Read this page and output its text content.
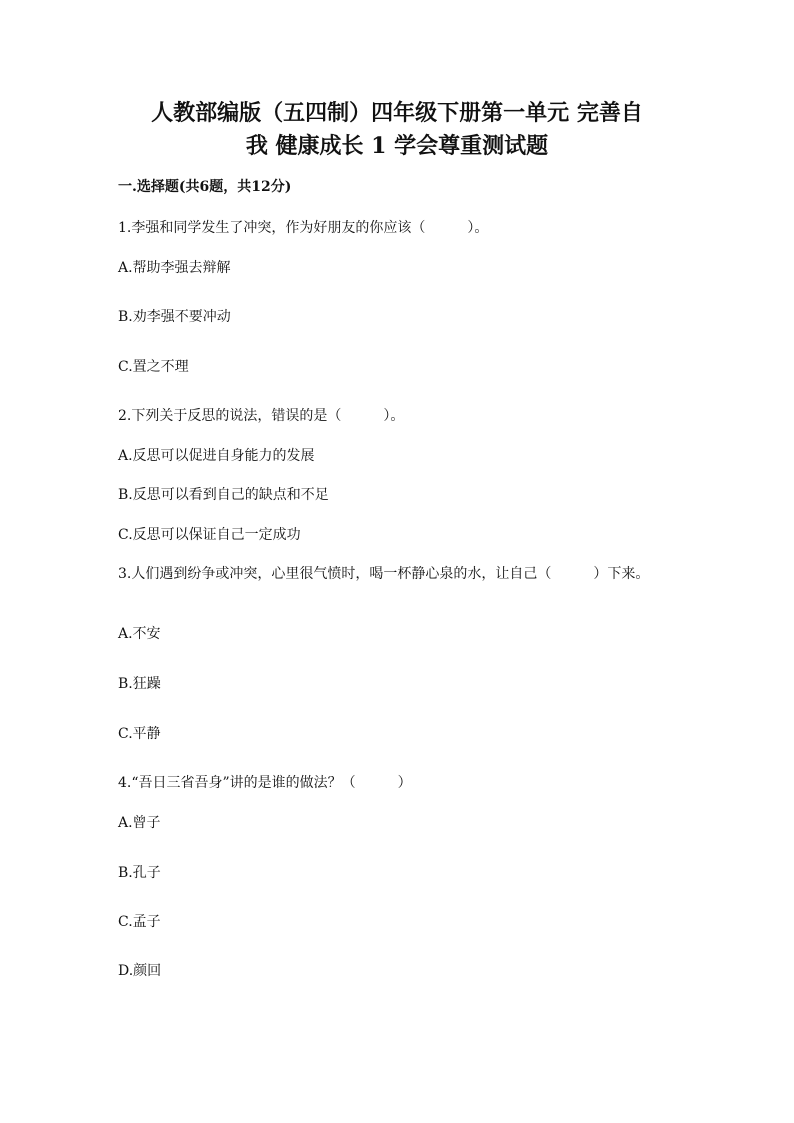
人教部编版（五四制）四年级下册第一单元 完善自
我 健康成长 1 学会尊重测试题

一.选择题(共6题，共12分)

1.李强和同学发生了冲突，作为好朋友的你应该（　　　）。

A.帮助李强去辩解

B.劝李强不要冲动

C.置之不理

2.下列关于反思的说法，错误的是（　　　）。

A.反思可以促进自身能力的发展

B.反思可以看到自己的缺点和不足

C.反思可以保证自己一定成功

3.人们遇到纷争或冲突，心里很气愤时，喝一杯静心泉的水，让自己（　　　）下来。

A.不安

B.狂躁

C.平静

4.“吾日三省吾身”讲的是谁的做法？（　　　）

A.曾子

B.孔子

C.孟子

D.颜回
